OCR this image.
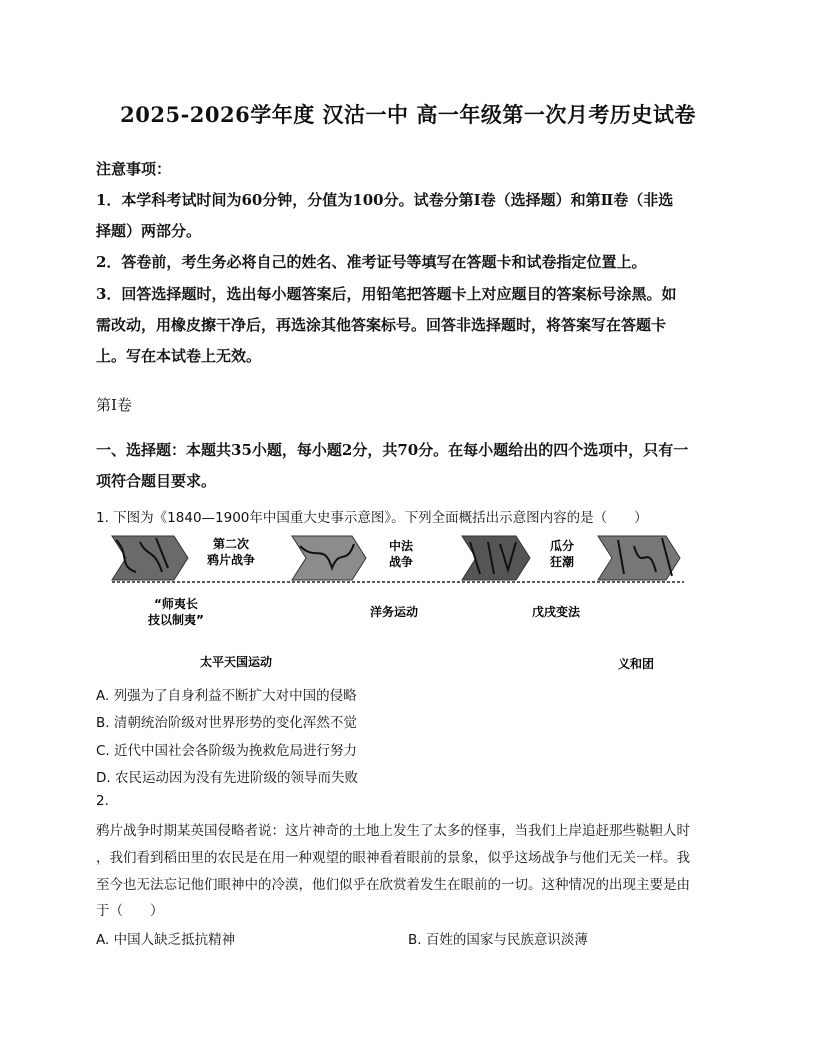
2025-2026学年度 汉沽一中 高一年级第一次月考历史试卷
注意事项：
1．本学科考试时间为60分钟，分值为100分。试卷分第Ⅰ卷（选择题）和第Ⅱ卷（非选
择题）两部分。
2．答卷前，考生务必将自己的姓名、准考证号等填写在答题卡和试卷指定位置上。
3．回答选择题时，选出每小题答案后，用铅笔把答题卡上对应题目的答案标号涂黑。如
需改动，用橡皮擦干净后，再选涂其他答案标号。回答非选择题时，将答案写在答题卡
上。写在本试卷上无效。
第Ⅰ卷
一、选择题：本题共35小题，每小题2分，共70分。在每小题给出的四个选项中，只有一
项符合题目要求。
1. 下图为《1840—1900年中国重大史事示意图》。下列全面概括出示意图内容的是（　　）
第二次
鸦片战争
中法
战争
瓜分
狂潮
“师夷长
技以制夷”
洋务运动	戊戌变法
太平天国运动	义和团
A. 列强为了自身利益不断扩大对中国的侵略
B. 清朝统治阶级对世界形势的变化浑然不觉
C. 近代中国社会各阶级为挽救危局进行努力
D. 农民运动因为没有先进阶级的领导而失败
2.
鸦片战争时期某英国侵略者说：这片神奇的土地上发生了太多的怪事，当我们上岸追赶那些鞑靼人时
，我们看到稻田里的农民是在用一种观望的眼神看着眼前的景象，似乎这场战争与他们无关一样。我
至今也无法忘记他们眼神中的冷漠，他们似乎在欣赏着发生在眼前的一切。这种情况的出现主要是由
于（　　）
A. 中国人缺乏抵抗精神	B. 百姓的国家与民族意识淡薄
